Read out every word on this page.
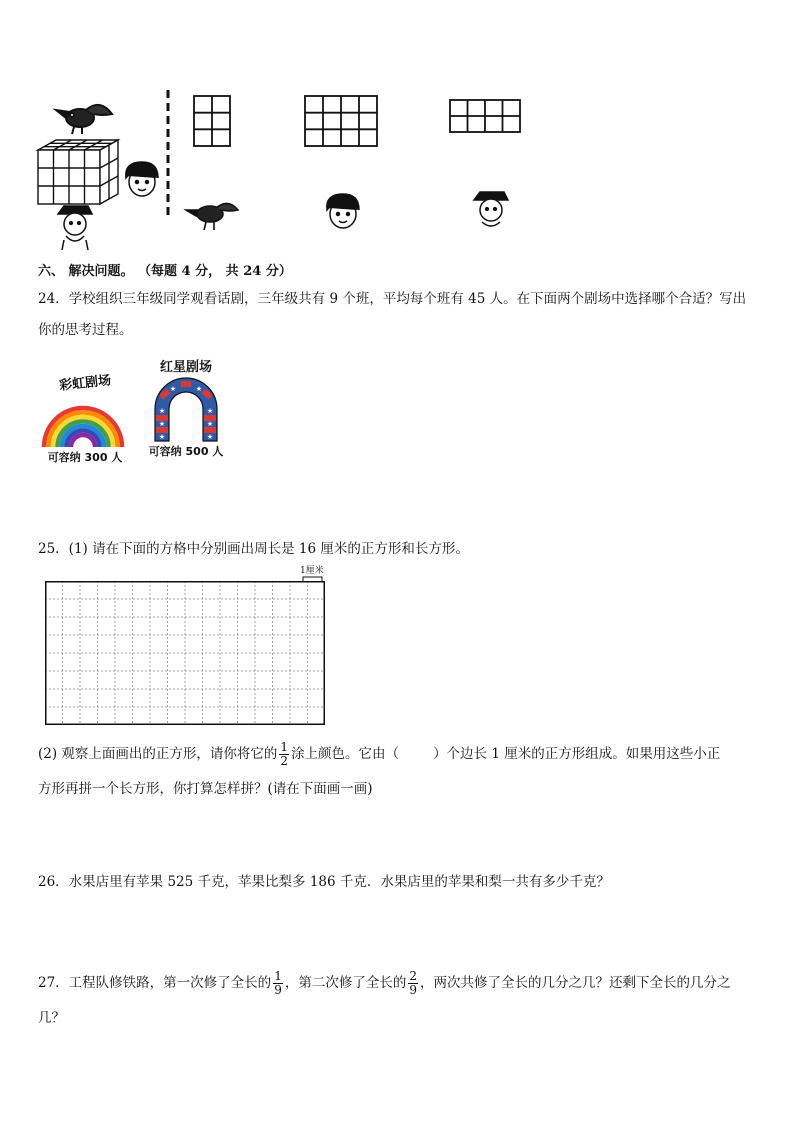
六、 解决问题。 （每题 4 分， 共 24 分）
24．学校组织三年级同学观看话剧，三年级共有 9 个班，平均每个班有 45 人。在下面两个剧场中选择哪个合适？写出
你的思考过程。
彩虹剧场
可容纳 300 人
红星剧场
★
★
★
★
★	★
★	★
可容纳 500 人
25．(1) 请在下面的方格中分别画出周长是 16 厘米的正方形和长方形。
1厘米
(2) 观察上面画出的正方形，请你将它的 $\frac{1}{2}$ 涂上颜色。它由（	）个边长 1 厘米的正方形组成。如果用这些小正
方形再拼一个长方形，你打算怎样拼？(请在下面画一画)
26．水果店里有苹果 525 千克，苹果比梨多 186 千克．水果店里的苹果和梨一共有多少千克？
27．工程队修铁路，第一次修了全长的 $\frac{1}{9}$ ，第二次修了全长的 $\frac{2}{9}$ ，两次共修了全长的几分之几？还剩下全长的几分之
几？
